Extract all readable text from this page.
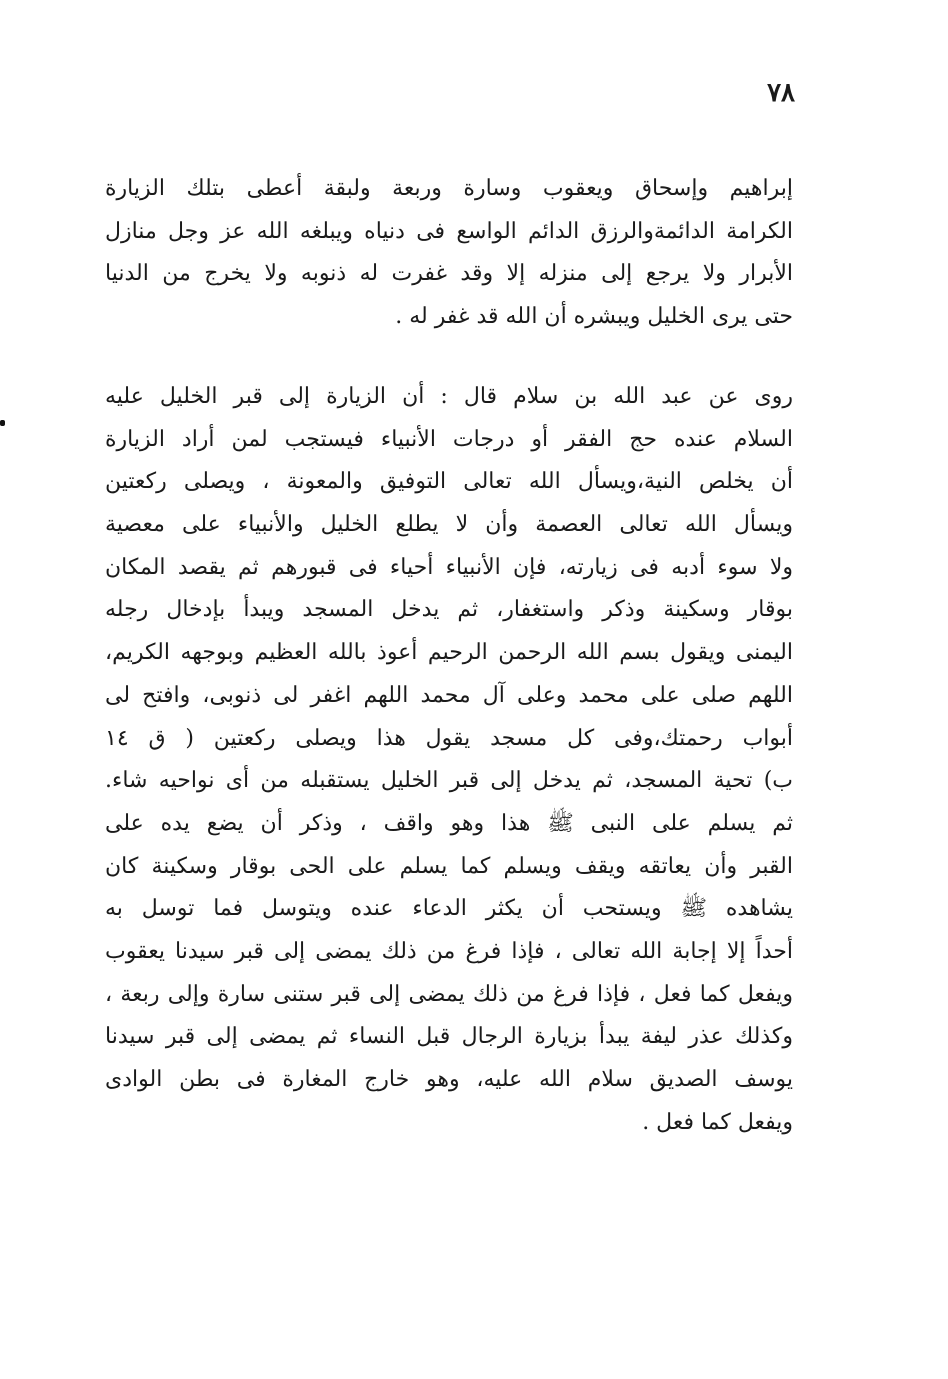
٧٨
إبراهيم وإسحاق ويعقوب وسارة وربعة ولبقة أعطى بتلك الزيارة
الكرامة الدائمةوالرزق الدائم الواسع فى دنياه ويبلغه الله عز وجل منازل
الأبرار ولا يرجع إلى منزله إلا وقد غفرت له ذنوبه ولا يخرج من الدنيا
حتى يرى الخليل ويبشره أن الله قد غفر له .
روى عن عبد الله بن سلام قال : أن الزيارة إلى قبر الخليل عليه
السلام عنده حج الفقر أو درجات الأنبياء فيستجب لمن أراد الزيارة
أن يخلص النية،ويسأل الله تعالى التوفيق والمعونة ، ويصلى ركعتين
ويسأل الله تعالى العصمة وأن لا يطلع الخليل والأنبياء على معصية
ولا سوء أدبه فى زيارته، فإن الأنبياء أحياء فى قبورهم ثم يقصد المكان
بوقار وسكينة وذكر واستغفار، ثم يدخل المسجد ويبدأ بإدخال رجله
اليمنى ويقول بسم الله الرحمن الرحيم أعوذ بالله العظيم وبوجهه الكريم،
اللهم صلى على محمد وعلى آل محمد اللهم اغفر لى ذنوبى، وافتح لى
أبواب رحمتك،وفى كل مسجد يقول هذا ويصلى ركعتين ( ق ١٤
ب) تحية المسجد، ثم يدخل إلى قبر الخليل يستقبله من أى نواحيه شاء.
ثم يسلم على النبى ﷺ هذا وهو واقف ، وذكر أن يضع يده على
القبر وأن يعاتقه ويقف ويسلم كما يسلم على الحى بوقار وسكينة كان
يشاهده ﷺ ويستحب أن يكثر الدعاء عنده ويتوسل فما توسل به
أحداً إلا إجابة الله تعالى ، فإذا فرغ من ذلك يمضى إلى قبر سيدنا يعقوب
ويفعل كما فعل ، فإذا فرغ من ذلك يمضى إلى قبر ستنى سارة وإلى ربعة ،
وكذلك عذر ليفة يبدأ بزيارة الرجال قبل النساء ثم يمضى إلى قبر سيدنا
يوسف الصديق سلام الله عليه، وهو خارج المغارة فى بطن الوادى
ويفعل كما فعل .
